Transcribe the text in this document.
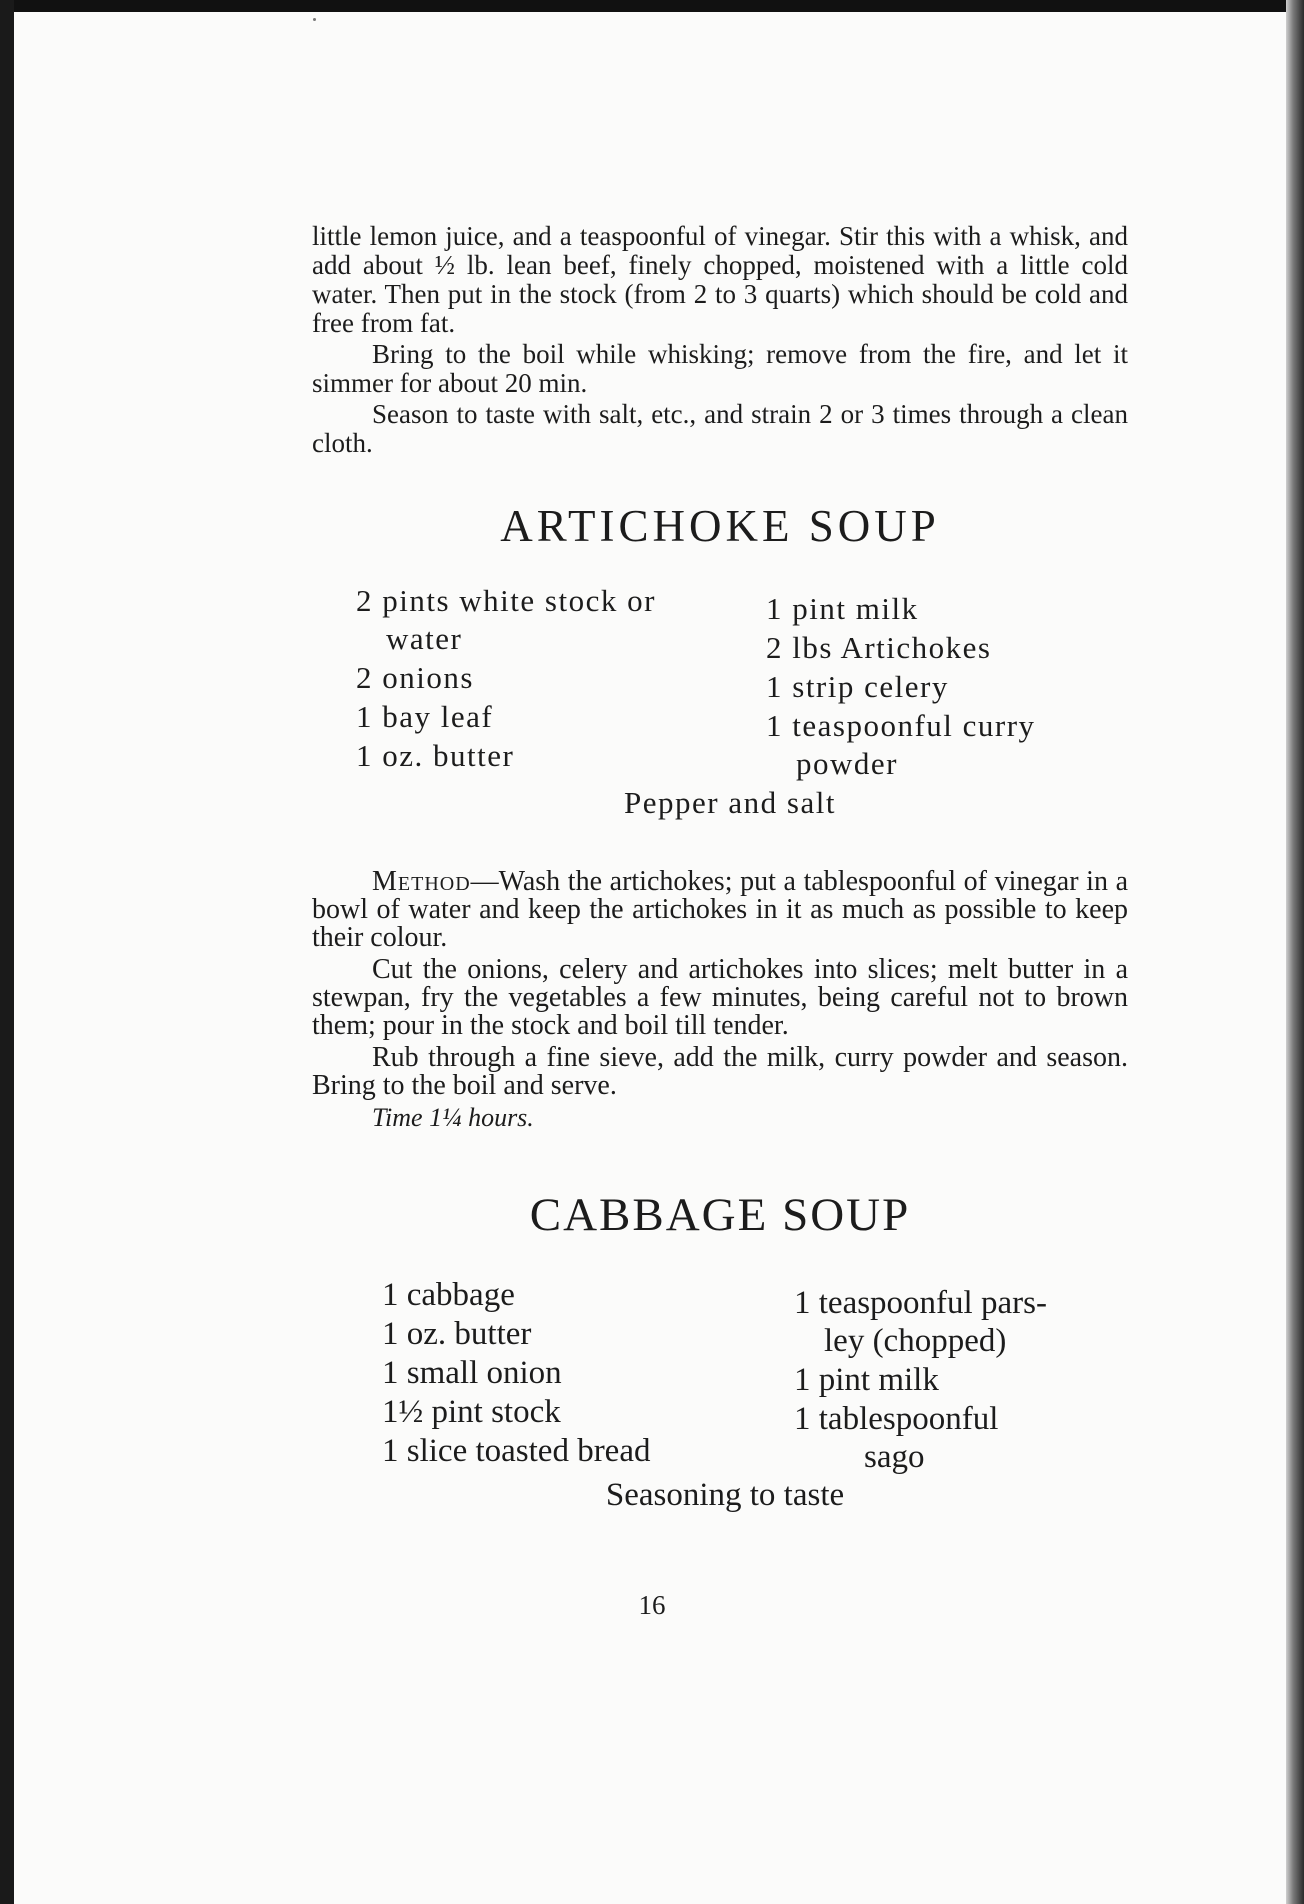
little lemon juice, and a teaspoonful of vinegar. Stir this with a whisk, and add about ½ lb. lean beef, finely chopped, moistened with a little cold water. Then put in the stock (from 2 to 3 quarts) which should be cold and free from fat.

Bring to the boil while whisking; remove from the fire, and let it simmer for about 20 min.

Season to taste with salt, etc., and strain 2 or 3 times through a clean cloth.

ARTICHOKE SOUP
2 pints white stock or
water
2 onions
1 bay leaf
1 oz. butter
1 pint milk
2 lbs Artichokes
1 strip celery
1 teaspoonful curry
powder
Pepper and salt

Method—Wash the artichokes; put a tablespoonful of vinegar in a bowl of water and keep the artichokes in it as much as possible to keep their colour.

Cut the onions, celery and artichokes into slices; melt butter in a stewpan, fry the vegetables a few minutes, being careful not to brown them; pour in the stock and boil till tender.

Rub through a fine sieve, add the milk, curry powder and season. Bring to the boil and serve.

Time 1¼ hours.

CABBAGE SOUP
1 cabbage
1 oz. butter
1 small onion
1½ pint stock
1 slice toasted bread
1 teaspoonful pars-
ley (chopped)
1 pint milk
1 tablespoonful
sago
Seasoning to taste
16
